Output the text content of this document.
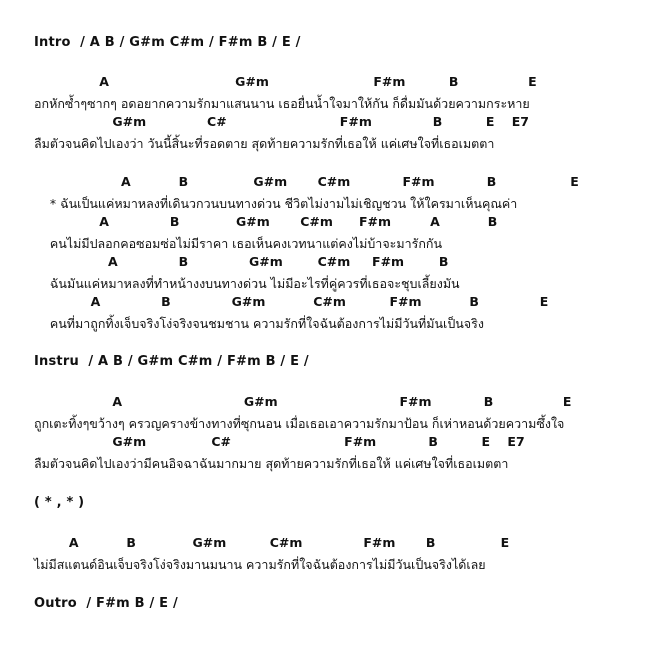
Intro  / A B / G#m C#m / F#m B / E /
A                             G#m                        F#m          B                E
อกหักซ้ำๆซากๆ อดอยากความรักมาแสนนาน เธอยื่นน้ำใจมาให้กัน ก็ดื่มมันด้วยความกระหาย
G#m              C#                          F#m              B          E    E7
ลืมตัวจนคิดไปเองว่า วันนี้สิ้นะที่รอดตาย สุดท้ายความรักที่เธอให้ แค่เศษใจที่เธอเมตตา
A           B               G#m       C#m            F#m            B                 E
* ฉันเป็นแค่หมาหลงที่เดินวกวนบนทางด่วน ชีวิตไม่งามไม่เชิญชวน ให้ใครมาเห็นคุณค่า
A              B             G#m       C#m      F#m         A           B
คนไม่มีปลอกคอซอมซ่อไม่มีราคา เธอเห็นคงเวทนาแต่คงไม่บ้าจะมารักกัน
A              B              G#m        C#m     F#m        B
ฉันมันแค่หมาหลงที่ทำหน้างงบนทางด่วน ไม่มีอะไรที่คู่ควรที่เธอจะชุบเลี้ยงมัน
A              B              G#m           C#m          F#m           B              E
คนที่มาถูกทิ้งเจ็บจริงโง่จริงจนชมชาน ความรักที่ใจฉันต้องการไม่มีวันที่มันเป็นจริง
Instru  / A B / G#m C#m / F#m B / E /
A                            G#m                            F#m            B                E
ถูกเตะทิ้งๆขว้างๆ ครวญครางข้างทางที่ซุกนอน เมื่อเธอเอาความรักมาป้อน ก็เห่าหอนด้วยความซึ้งใจ
G#m               C#                          F#m            B          E    E7
ลืมตัวจนคิดไปเองว่ามีคนอิจฉาฉันมากมาย สุดท้ายความรักที่เธอให้ แค่เศษใจที่เธอเมตตา
( * , * )
A           B             G#m          C#m              F#m       B               E
ไม่มีสแตนด์อินเจ็บจริงโง่จริงมานมนาน ความรักที่ใจฉันต้องการไม่มีวันเป็นจริงได้เลย
Outro  / F#m B / E /
